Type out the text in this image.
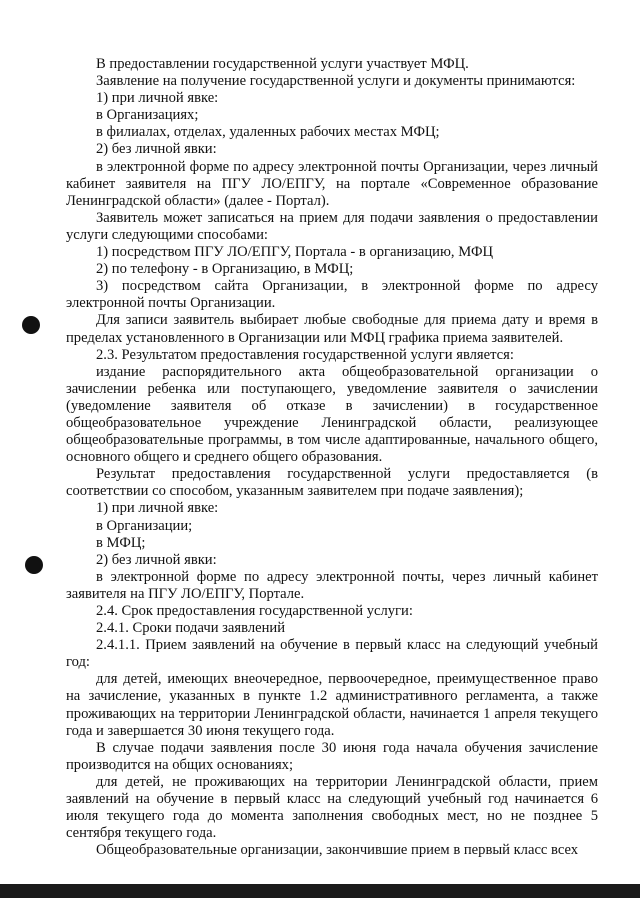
В предоставлении государственной услуги участвует МФЦ.

Заявление на получение государственной услуги и документы принимаются:

1) при личной явке:

в Организациях;

в филиалах, отделах, удаленных рабочих местах МФЦ;

2) без личной явки:

в электронной форме по адресу электронной почты Организации, через личный кабинет заявителя на ПГУ ЛО/ЕПГУ, на портале «Современное образование Ленинградской области» (далее - Портал).

Заявитель может записаться на прием для подачи заявления о предоставлении услуги следующими способами:

1) посредством ПГУ ЛО/ЕПГУ, Портала - в организацию, МФЦ

2) по телефону - в Организацию, в МФЦ;

3) посредством сайта Организации, в электронной форме по адресу электронной почты Организации.

Для записи заявитель выбирает любые свободные для приема дату и время в пределах установленного в Организации или МФЦ графика приема заявителей.

2.3. Результатом предоставления государственной услуги является:

издание распорядительного акта общеобразовательной организации о зачислении ребенка или поступающего, уведомление заявителя о зачислении (уведомление заявителя об отказе в зачислении) в государственное общеобразовательное учреждение Ленинградской области, реализующее общеобразовательные программы, в том числе адаптированные, начального общего, основного общего и среднего общего образования.

Результат предоставления государственной услуги предоставляется (в соответствии со способом, указанным заявителем при подаче заявления);

1) при личной явке:

в Организации;

в МФЦ;

2) без личной явки:

в электронной форме по адресу электронной почты, через личный кабинет заявителя на ПГУ ЛО/ЕПГУ, Портале.

2.4. Срок предоставления государственной услуги:

2.4.1. Сроки подачи заявлений

2.4.1.1. Прием заявлений на обучение в первый класс на следующий учебный год:

для детей, имеющих внеочередное, первоочередное, преимущественное право на зачисление, указанных в пункте 1.2 административного регламента, а также проживающих на территории Ленинградской области, начинается 1 апреля текущего года и завершается 30 июня текущего года.

В случае подачи заявления после 30 июня года начала обучения зачисление производится на общих основаниях;

для детей, не проживающих на территории Ленинградской области, прием заявлений на обучение в первый класс на следующий учебный год начинается 6 июля текущего года до момента заполнения свободных мест, но не позднее 5 сентября текущего года.

Общеобразовательные организации, закончившие прием в первый класс всех
